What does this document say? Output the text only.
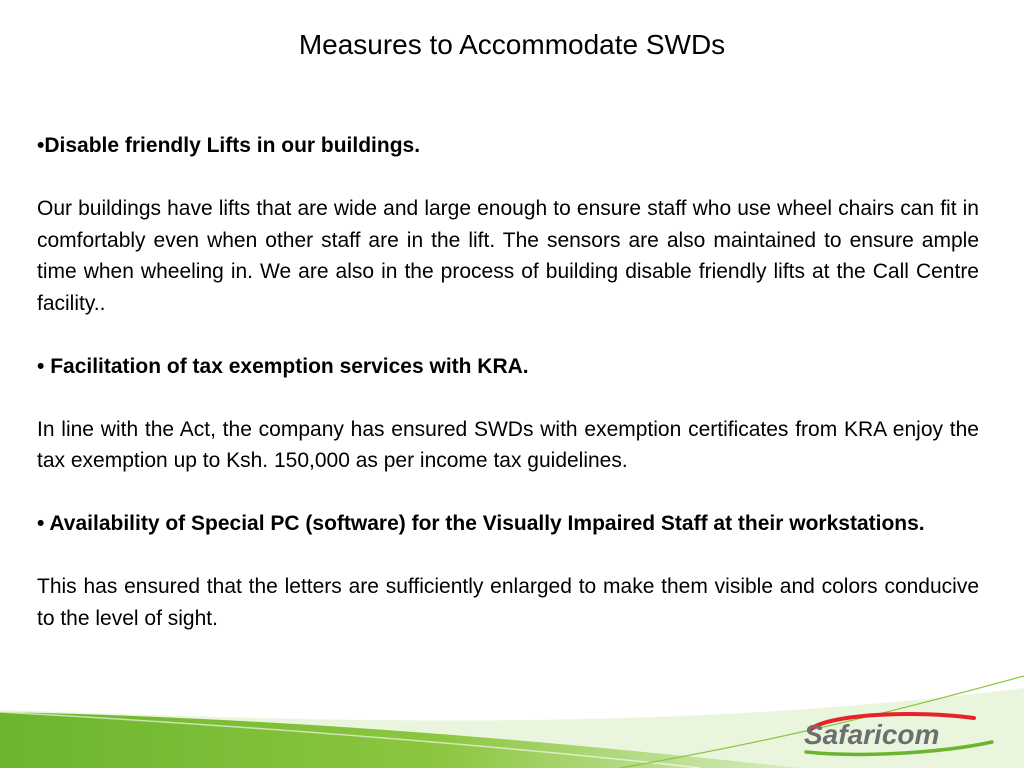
Measures to Accommodate SWDs

•Disable friendly Lifts in our buildings.

Our buildings have lifts that are wide and large enough to ensure staff who use wheel chairs can fit in comfortably even when other staff are in the lift. The sensors are also maintained to ensure ample time when wheeling in. We are also in the process of building disable friendly lifts at the Call Centre facility..

• Facilitation of tax exemption services with KRA.

In line with the Act, the company has ensured SWDs with exemption certificates from KRA enjoy the tax exemption up to Ksh. 150,000 as per income tax guidelines.

• Availability of Special PC (software) for the Visually Impaired Staff at their workstations.

This has ensured that the letters are sufficiently enlarged to make them visible and colors conducive to the level of sight.

Safaricom
